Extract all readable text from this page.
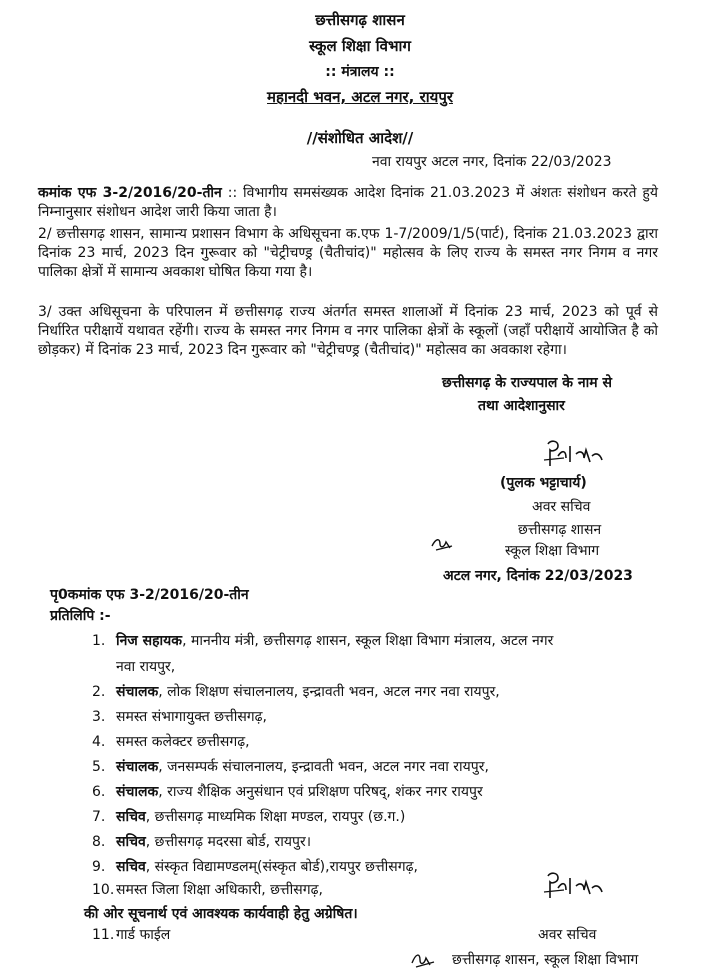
छत्तीसगढ़ शासन
स्कूल शिक्षा विभाग
:: मंत्रालय ::
महानदी भवन, अटल नगर, रायपुर
//संशोधित आदेश//
नवा रायपुर अटल नगर, दिनांक 22/03/2023
कमांक एफ 3-2/2016/20-तीन :: विभागीय समसंख्यक आदेश दिनांक 21.03.2023 में अंशतः संशोधन करते हुये निम्नानुसार संशोधन आदेश जारी किया जाता है।
2/ छत्तीसगढ़ शासन, सामान्य प्रशासन विभाग के अधिसूचना क.एफ 1-7/2009/1/5(पार्ट), दिनांक 21.03.2023 द्वारा दिनांक 23 मार्च, 2023 दिन गुरूवार को "चेट्रीचण्ड्र (चैतीचांद)" महोत्सव के लिए राज्य के समस्त नगर निगम व नगर पालिका क्षेत्रों में सामान्य अवकाश घोषित किया गया है।
3/ उक्त अधिसूचना के परिपालन में छत्तीसगढ़ राज्य अंतर्गत समस्त शालाओं में दिनांक 23 मार्च, 2023 को पूर्व से निर्धारित परीक्षायें यथावत रहेंगी। राज्य के समस्त नगर निगम व नगर पालिका क्षेत्रों के स्कूलों (जहॉं परीक्षायें आयोजित है को छोड़कर) में दिनांक 23 मार्च, 2023 दिन गुरूवार को "चेट्रीचण्ड्र (चैतीचांद)" महोत्सव का अवकाश रहेगा।
छत्तीसगढ़ के राज्यपाल के नाम से
तथा आदेशानुसार
(पुलक भट्टाचार्य)
अवर सचिव
छत्तीसगढ़ शासन
स्कूल शिक्षा विभाग
अटल नगर, दिनांक 22/03/2023
पृ0कमांक एफ 3-2/2016/20-तीन
प्रतिलिपि :-
1. निज सहायक, माननीय मंत्री, छत्तीसगढ़ शासन, स्कूल शिक्षा विभाग मंत्रालय, अटल नगर
नवा रायपुर,
2. संचालक, लोक शिक्षण संचालनालय, इन्द्रावती भवन, अटल नगर नवा रायपुर,
3. समस्त संभागायुक्त छत्तीसगढ़,
4. समस्त कलेक्टर छत्तीसगढ़,
5. संचालक, जनसम्पर्क संचालनालय, इन्द्रावती भवन, अटल नगर नवा रायपुर,
6. संचालक, राज्य शैक्षिक अनुसंधान एवं प्रशिक्षण परिषद्, शंकर नगर रायपुर
7. सचिव, छत्तीसगढ़ माध्यमिक शिक्षा मण्डल, रायपुर (छ.ग.)
8. सचिव, छत्तीसगढ़ मदरसा बोर्ड, रायपुर।
9. सचिव, संस्कृत विद्यामण्डलम्(संस्कृत बोर्ड),रायपुर छत्तीसगढ़,
10. समस्त जिला शिक्षा अधिकारी, छत्तीसगढ़,
की ओर सूचनार्थ एवं आवश्यक कार्यवाही हेतु अग्रेषित।
11. गार्ड फाईल	अवर सचिव
छत्तीसगढ़ शासन, स्कूल शिक्षा विभाग
